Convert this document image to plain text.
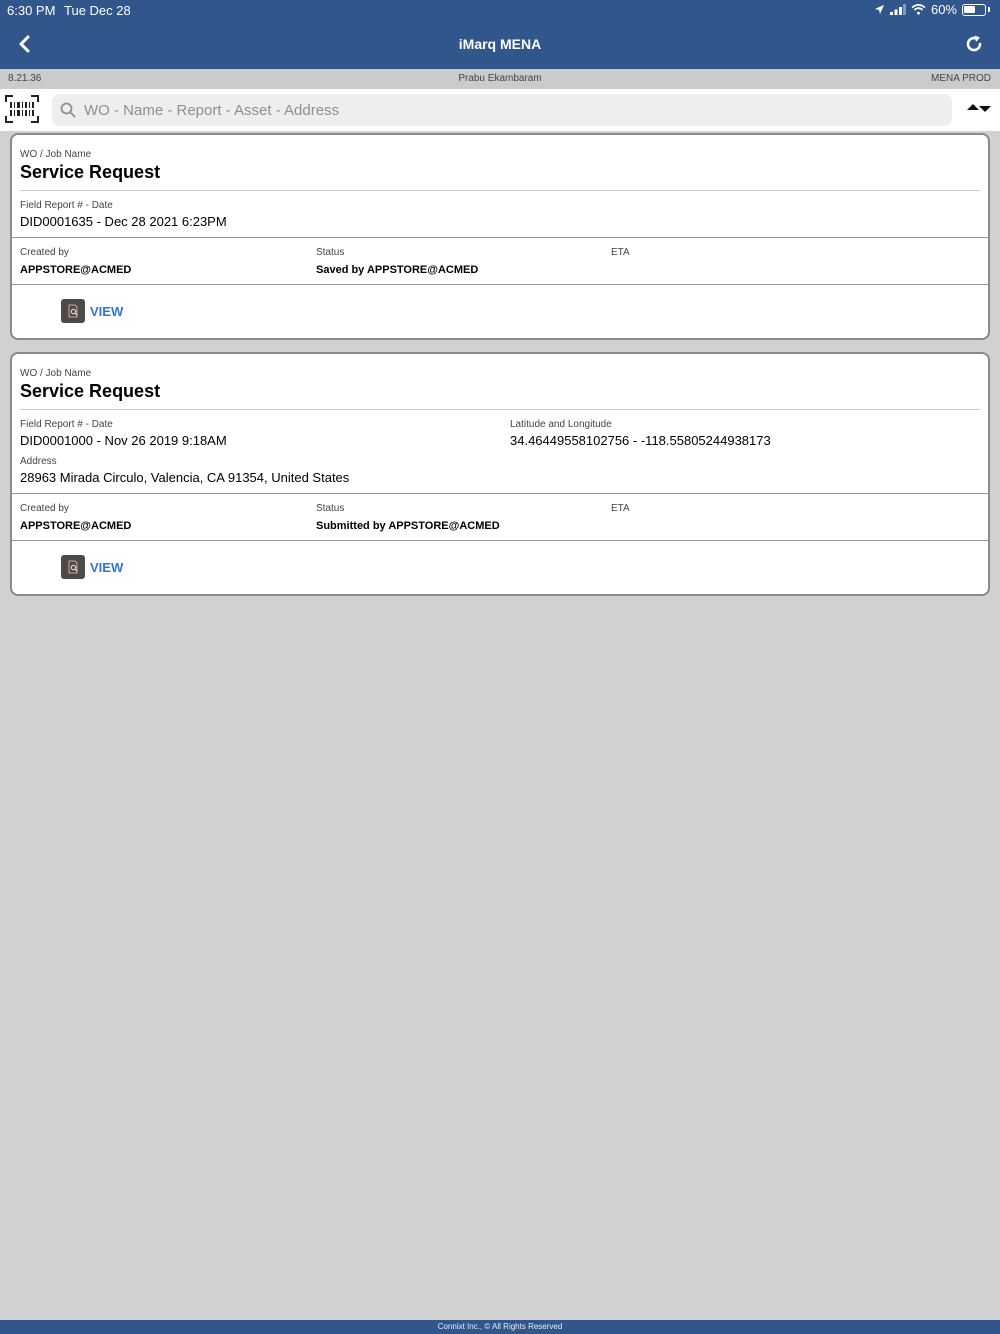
6:30 PM Tue Dec 28	60%
iMarq MENA
8.21.36	Prabu Ekambaram	MENA PROD
WO - Name - Report - Asset - Address
WO / Job Name
Service Request
Field Report # - Date
DID0001635 - Dec 28 2021 6:23PM
Created by
APPSTORE@ACMED
Status
Saved by APPSTORE@ACMED
ETA
VIEW
WO / Job Name
Service Request
Field Report # - Date
DID0001000 - Nov 26 2019 9:18AM
Latitude and Longitude
34.46449558102756 - -118.55805244938173
Address
28963 Mirada Circulo, Valencia, CA 91354, United States
Created by
APPSTORE@ACMED
Status
Submitted by APPSTORE@ACMED
ETA
VIEW
Connixt Inc., © All Rights Reserved
